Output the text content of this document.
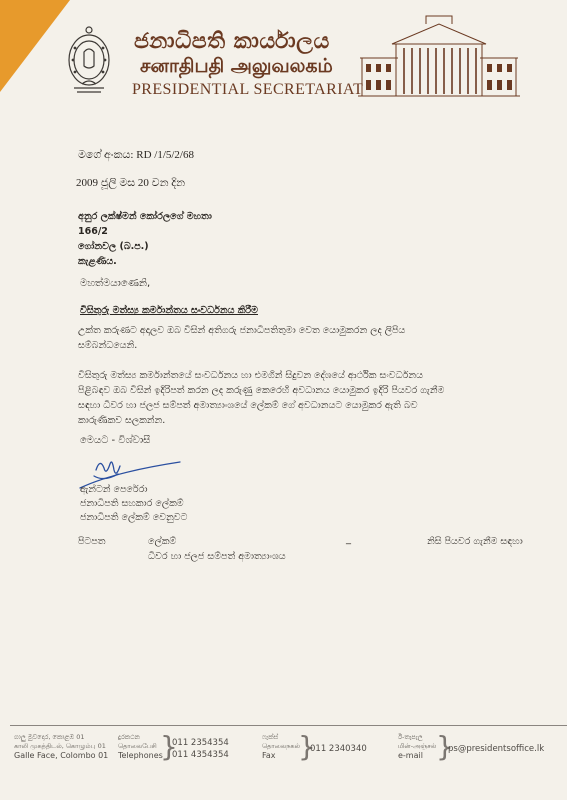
ජනාධිපති කාර්යාලය
சனாதிபதி அலுவலகம்
PRESIDENTIAL SECRETARIAT
මගේ අංකය: RD /1/5/2/68
2009 ජූලි මස 20 වන දින
අනුර ලක්ෂ්මන් කෝරලගේ මහතා
166/2
ගෝනවල (බ.ප.)
කැළණිය.
මහත්මයාණෙනි,
විසිතුරු මත්ස්‍ය කර්මාන්තය සංවර්ධනය කිරීම
උක්ත කරුණට අදාලව ඔබ විසින් අතිගරු ජනාධිපතිතුමා වෙත යොමුකරන ලද ලිපිය
සම්බන්ධයෙනි.
විසිතුරු මත්ස්‍ය කර්මාන්තයේ සංවර්ධනය හා එමගින් සිදුවන දේශයේ ආර්ථික සංවර්ධනය
පිළිබඳව ඔබ විසින් ඉදිරිපත් කරන ලද කරුණු කෙරෙහි අවධානය යොමුකර ඉදිරි පියවර ගැනීම
සඳහා ධීවර හා ජලජ සම්පත් අමාත්‍යාංශයේ ලේකම් ගේ අවධානයට යොමුකර ඇති බව
කාරුණිකව සලකන්න.
මෙයට - විශ්වාසී
ඇන්ටන් පෙරේරා
ජනාධිපති සහකාර ලේකම්
ජනාධිපති ලේකම් වෙනුවට
පිටපත	ලේකම්
ධීවර හා ජලජ සම්පත් අමාත්‍යාංශය
_	නිසි පියවර ගැනීම සඳහා
ගාලු මුවදොර, කොළඹ 01
காலி முகத்திடல், கொழும்பு 01
Galle Face, Colombo 01
දුරකථන
தொலைபேசி
Telephones
}
011 2354354
011 4354354
ෆැක්ස්
தொலைநகல்
Fax }
011 2340340
ඊ-තැපැල
மின்-அஞ்சல்
e-mail }
ps@presidentsoffice.lk
